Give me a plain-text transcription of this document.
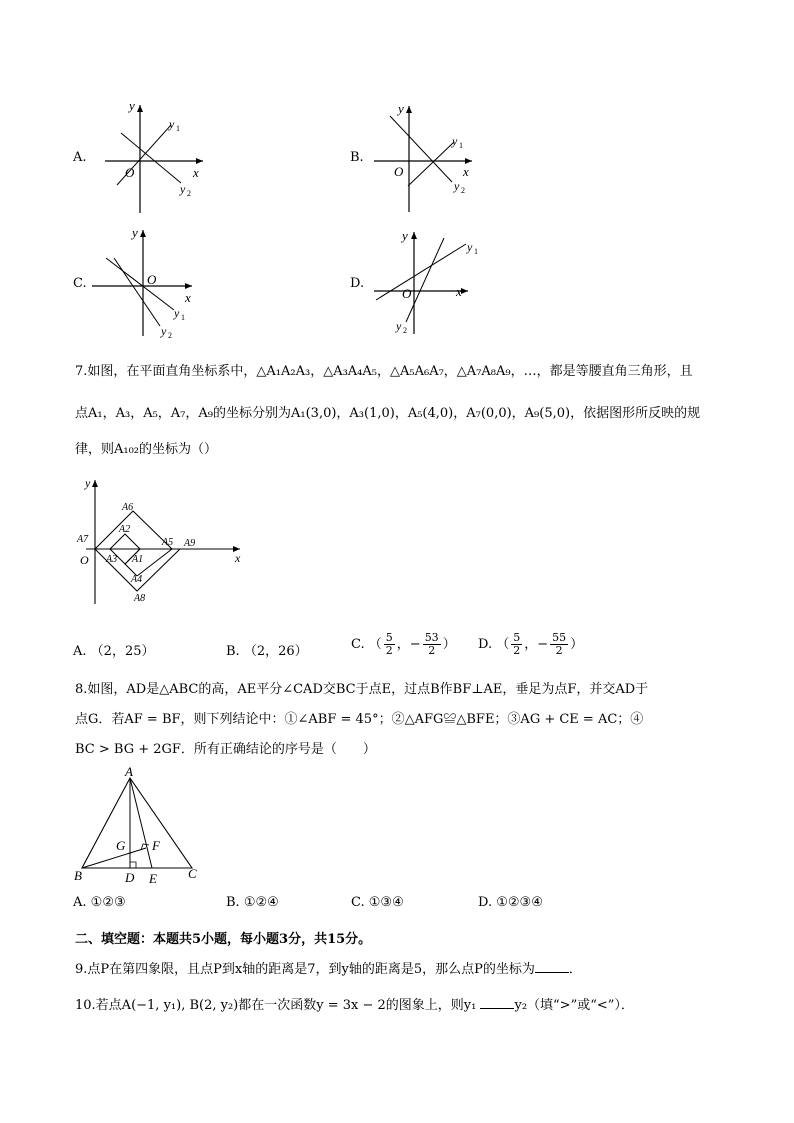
A.
y
x
O
y 1
y 2
B.
y
x
O
y 1
y 2
C.
y
x
O
y 1
y 2
D.
y
x
O
y 1
y 2
7.如图，在平面直角坐标系中，△A₁A₂A₃，△A₃A₄A₅，△A₅A₆A₇，△A₇A₈A₉，…，都是等腰直角三角形，且
点A₁，A₃，A₅，A₇，A₉的坐标分别为A₁(3,0)，A₃(1,0)，A₅(4,0)，A₇(0,0)，A₉(5,0)，依据图形所反映的规
律，则A₁₀₂的坐标为（）
x
y
O
A6
A2
A7	A5 A9
A3 A1
A4
A8
A. （2，25）	B. （2，26）	C. （ $\frac{5}{2}$ ，− $\frac{53}{2}$ ） D. （ $\frac{5}{2}$ ，− $\frac{55}{2}$ ）
8.如图，AD是△ABC的高，AE平分∠CAD交BC于点E，过点B作BF⊥AE，垂足为点F，并交AD于
点G．若AF = BF，则下列结论中：①∠ABF = 45°；②△AFG≌△BFE；③AG + CE = AC；④
BC > BG + 2GF．所有正确结论的序号是（　　）
A
B	C
D E
F
G
A. ①②③	B. ①②④	C. ①③④	D. ①②③④
二、填空题：本题共5小题，每小题3分，共15分。
9.点P在第四象限，且点P到x轴的距离是7，到y轴的距离是5，那么点P的坐标为	．
10.若点A(−1, y₁), B(2, y₂)都在一次函数y = 3x − 2的图象上，则y₁	y₂（填“>”或“<”）．
